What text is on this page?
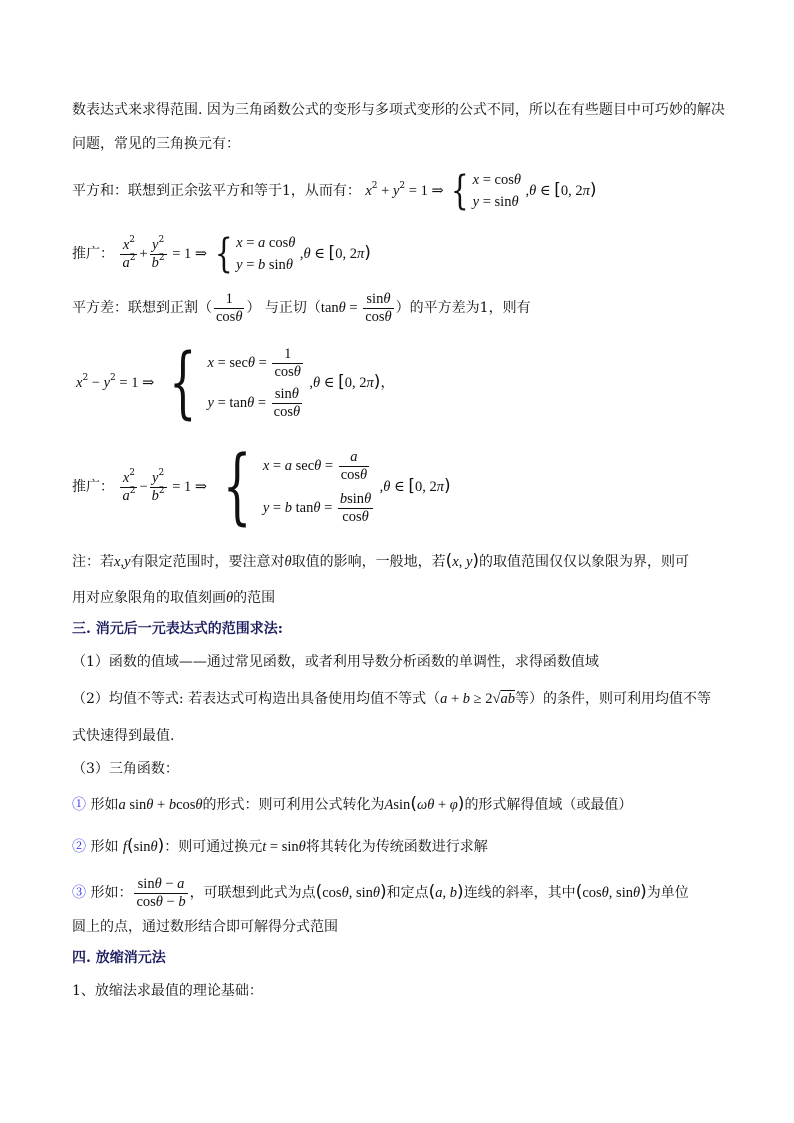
数表达式来求得范围. 因为三角函数公式的变形与多项式变形的公式不同，所以在有些题目中可巧妙的解决
问题，常见的三角换元有：
平方和：联想到正余弦平方和等于1，从而有： $x^2 + y^2 = 1$ ⇒ { x = cosθ
y = sinθ
,θ ∈ [0, 2π)
推广： $\frac{x^2}{a^2} + \frac{y^2}{b^2} = 1$ ⇒ { x = a cosθ
y = b sinθ
,θ ∈ [0, 2π)
平方差：联想到正割（ $\frac{1}{\cos\theta}$ ） 与正切（$\tan\theta = \frac{\sin\theta}{\cos\theta}$ ）的平方差为1，则有
$x^2 - y^2 = 1$ ⇒ { $x = \sec\theta = \frac{1}{\cos\theta}$
$y = \tan\theta = \frac{\sin\theta}{\cos\theta}$
,θ ∈ [0, 2π)，
推广： $\frac{x^2}{a^2} - \frac{y^2}{b^2} = 1$ ⇒ { x = a $\sec\theta = \frac{a}{\cos\theta}$
y = b $\tan\theta = \frac{bsin\theta}{\cos\theta}$
,θ ∈ [0, 2π)
注：若x,y有限定范围时，要注意对θ取值的影响，一般地，若(x, y)的取值范围仅仅以象限为界，则可
用对应象限角的取值刻画θ的范围
三. 消元后一元表达式的范围求法:
（1）函数的值域——通过常见函数，或者利用导数分析函数的单调性，求得函数值域
（2）均值不等式: 若表达式可构造出具备使用均值不等式（a + b ≥ 2√ab等）的条件，则可利用均值不等
式快速得到最值.
（3）三角函数：
① 形如a sinθ + bcosθ的形式：则可利用公式转化为Asin(ωθ + φ)的形式解得值域（或最值）
② 形如 f(sinθ)：则可通过换元t = sinθ将其转化为传统函数进行求解
③ 形如： $\frac{\sin\theta - a}{\cos\theta - b}$ ，可联想到此式为点(cosθ, sinθ)和定点(a, b)连线的斜率，其中(cosθ, sinθ)为单位
圆上的点，通过数形结合即可解得分式范围
四. 放缩消元法
1、放缩法求最值的理论基础：
